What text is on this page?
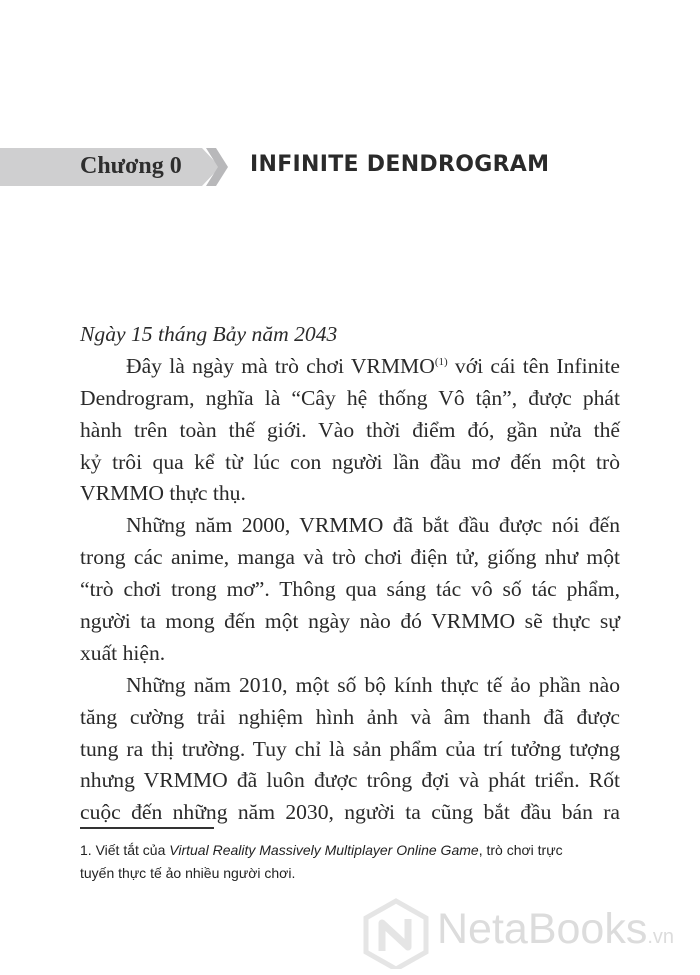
Chương 0	INFINITE DENDROGRAM
Ngày 15 tháng Bảy năm 2043
Đây là ngày mà trò chơi VRMMO$^{(1)}$ với cái tên Infinite
Dendrogram, nghĩa là “Cây hệ thống Vô tận”, được phát
hành trên toàn thế giới. Vào thời điểm đó, gần nửa thế
kỷ trôi qua kể từ lúc con người lần đầu mơ đến một trò
VRMMO thực thụ.
Những năm 2000, VRMMO đã bắt đầu được nói đến
trong các anime, manga và trò chơi điện tử, giống như một
“trò chơi trong mơ”. Thông qua sáng tác vô số tác phẩm,
người ta mong đến một ngày nào đó VRMMO sẽ thực sự
xuất hiện.
Những năm 2010, một số bộ kính thực tế ảo phần nào
tăng cường trải nghiệm hình ảnh và âm thanh đã được
tung ra thị trường. Tuy chỉ là sản phẩm của trí tưởng tượng
nhưng VRMMO đã luôn được trông đợi và phát triển. Rốt
cuộc đến những năm 2030, người ta cũng bắt đầu bán ra
1. Viết tắt của Virtual Reality Massively Multiplayer Online Game, trò chơi trực
tuyến thực tế ảo nhiều người chơi.
NetaBooks.vn
